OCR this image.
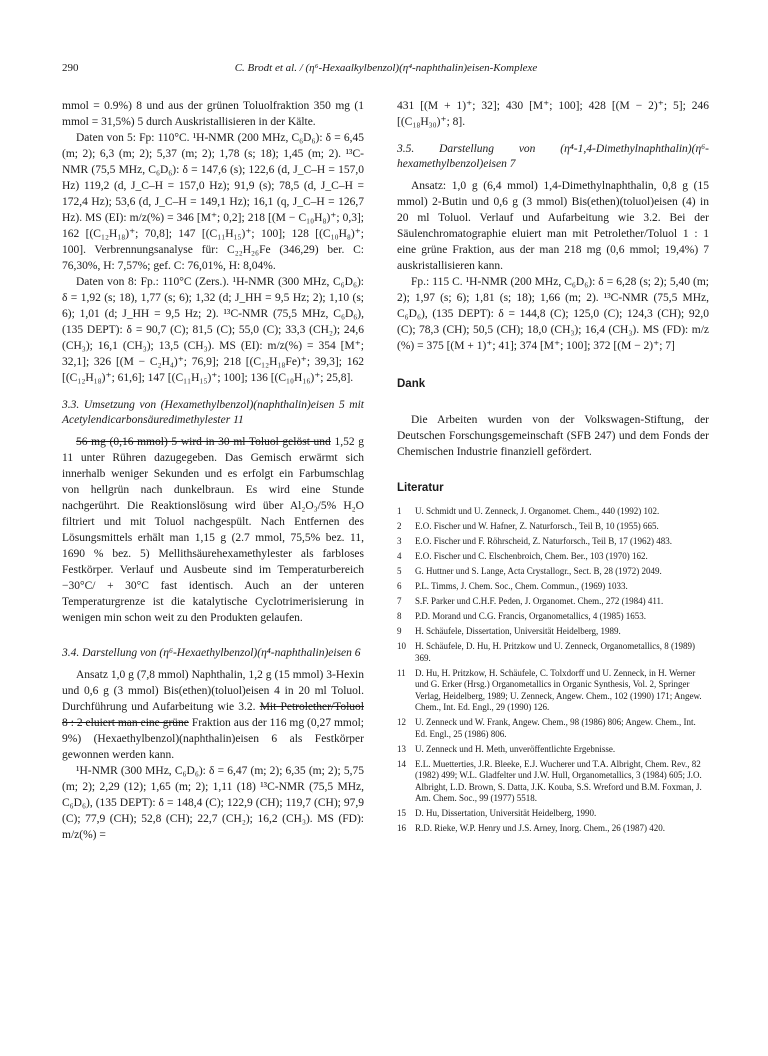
290	C. Brodt et al. / (η⁶-Hexaalkylbenzol)(η⁴-naphthalin)eisen-Komplexe

mmol = 0.9%) 8 und aus der grünen Toluolfraktion 350 mg (1 mmol = 31,5%) 5 durch Auskristallisieren in der Kälte.

Daten von 5: Fp: 110°C. ¹H-NMR (200 MHz, C₆D₆): δ = 6,45 (m; 2); 6,3 (m; 2); 5,37 (m; 2); 1,78 (s; 18); 1,45 (m; 2). ¹³C-NMR (75,5 MHz, C₆D₆): δ = 147,6 (s); 122,6 (d, J_C–H = 157,0 Hz) 119,2 (d, J_C–H = 157,0 Hz); 91,9 (s); 78,5 (d, J_C–H = 172,4 Hz); 53,6 (d, J_C–H = 149,1 Hz); 16,1 (q, J_C–H = 126,7 Hz). MS (EI): m/z(%) = 346 [M⁺; 0,2]; 218 [(M − C₁₀H₈)⁺; 0,3]; 162 [(C₁₂H₁₈)⁺; 70,8]; 147 [(C₁₁H₁₅)⁺; 100]; 128 [(C₁₀H₈)⁺; 100]. Verbrennungsanalyse für: C₂₂H₂₆Fe (346,29) ber. C: 76,30%, H: 7,57%; gef. C: 76,01%, H: 8,04%.

Daten von 8: Fp.: 110°C (Zers.). ¹H-NMR (300 MHz, C₆D₆): δ = 1,92 (s; 18), 1,77 (s; 6); 1,32 (d; J_HH = 9,5 Hz; 2); 1,10 (s; 6); 1,01 (d; J_HH = 9,5 Hz; 2). ¹³C-NMR (75,5 MHz, C₆D₆), (135 DEPT): δ = 90,7 (C); 81,5 (C); 55,0 (C); 33,3 (CH₂); 24,6 (CH₃); 16,1 (CH₃); 13,5 (CH₃). MS (EI): m/z(%) = 354 [M⁺; 32,1]; 326 [(M − C₂H₄)⁺; 76,9]; 218 [(C₁₂H₁₈Fe)⁺; 39,3]; 162 [(C₁₂H₁₈)⁺; 61,6]; 147 [(C₁₁H₁₅)⁺; 100]; 136 [(C₁₀H₁₆)⁺; 25,8].

3.3. Umsetzung von (Hexamethylbenzol)(naphthalin)eisen 5 mit Acetylendicarbonsäuredimethylester 11

56 mg (0,16 mmol) 5 wird in 30 ml Toluol gelöst und 1,52 g 11 unter Rühren dazugegeben. Das Gemisch erwärmt sich innerhalb weniger Sekunden und es erfolgt ein Farbumschlag von hellgrün nach dunkelbraun. Es wird eine Stunde nachgerührt. Die Reaktionslösung wird über Al₂O₃/5% H₂O filtriert und mit Toluol nachgespült. Nach Entfernen des Lösungsmittels erhält man 1,15 g (2.7 mmol, 75,5% bez. 11, 1690 % bez. 5) Mellithsäurehexamethylester als farbloses Festkörper. Verlauf und Ausbeute sind im Temperaturbereich −30°C/ + 30°C fast identisch. Auch an der unteren Temperaturgrenze ist die katalytische Cyclotrimerisierung in wenigen min schon weit zu den Produkten gelaufen.

3.4. Darstellung von (η⁶-Hexaethylbenzol)(η⁴-naphthalin)eisen 6

Ansatz 1,0 g (7,8 mmol) Naphthalin, 1,2 g (15 mmol) 3-Hexin und 0,6 g (3 mmol) Bis(ethen)(toluol)eisen 4 in 20 ml Toluol. Durchführung und Aufarbeitung wie 3.2. Mit Petrolether/Toluol 8 : 2 eluiert man eine grüne Fraktion aus der 116 mg (0,27 mmol; 9%) (Hexaethylbenzol)(naphthalin)eisen 6 als Festkörper gewonnen werden kann.

¹H-NMR (300 MHz, C₆D₆): δ = 6,47 (m; 2); 6,35 (m; 2); 5,75 (m; 2); 2,29 (12); 1,65 (m; 2); 1,11 (18) ¹³C-NMR (75,5 MHz, C₆D₆), (135 DEPT): δ = 148,4 (C); 122,9 (CH); 119,7 (CH); 97,9 (C); 77,9 (CH); 52,8 (CH); 22,7 (CH₂); 16,2 (CH₃). MS (FD): m/z(%) =

431 [(M + 1)⁺; 32]; 430 [M⁺; 100]; 428 [(M − 2)⁺; 5]; 246 [(C₁₈H₃₀)⁺; 8].

3.5. Darstellung von (η⁴-1,4-Dimethylnaphthalin)(η⁶-hexamethylbenzol)eisen 7

Ansatz: 1,0 g (6,4 mmol) 1,4-Dimethylnaphthalin, 0,8 g (15 mmol) 2-Butin und 0,6 g (3 mmol) Bis(ethen)(toluol)eisen (4) in 20 ml Toluol. Verlauf und Aufarbeitung wie 3.2. Bei der Säulenchromatographie eluiert man mit Petrolether/Toluol 1 : 1 eine grüne Fraktion, aus der man 218 mg (0,6 mmol; 19,4%) 7 auskristallisieren kann.

Fp.: 115 C. ¹H-NMR (200 MHz, C₆D₆): δ = 6,28 (s; 2); 5,40 (m; 2); 1,97 (s; 6); 1,81 (s; 18); 1,66 (m; 2). ¹³C-NMR (75,5 MHz, C₆D₆), (135 DEPT): δ = 144,8 (C); 125,0 (C); 124,3 (CH); 92,0 (C); 78,3 (CH); 50,5 (CH); 18,0 (CH₃); 16,4 (CH₃). MS (FD): m/z (%) = 375 [(M + 1)⁺; 41]; 374 [M⁺; 100]; 372 [(M − 2)⁺; 7]

Dank

Die Arbeiten wurden von der Volkswagen-Stiftung, der Deutschen Forschungsgemeinschaft (SFB 247) und dem Fonds der Chemischen Industrie finanziell gefördert.

Literatur

1	U. Schmidt und U. Zenneck, J. Organomet. Chem., 440 (1992) 102.
2	E.O. Fischer und W. Hafner, Z. Naturforsch., Teil B, 10 (1955) 665.
3	E.O. Fischer und F. Röhrscheid, Z. Naturforsch., Teil B, 17 (1962) 483.
4	E.O. Fischer und C. Elschenbroich, Chem. Ber., 103 (1970) 162.
5	G. Huttner und S. Lange, Acta Crystallogr., Sect. B, 28 (1972) 2049.
6	P.L. Timms, J. Chem. Soc., Chem. Commun., (1969) 1033.
7	S.F. Parker und C.H.F. Peden, J. Organomet. Chem., 272 (1984) 411.
8	P.D. Morand und C.G. Francis, Organometallics, 4 (1985) 1653.
9	H. Schäufele, Dissertation, Universität Heidelberg, 1989.
10	H. Schäufele, D. Hu, H. Pritzkow und U. Zenneck, Organometallics, 8 (1989) 369.
11	D. Hu, H. Pritzkow, H. Schäufele, C. Tolxdorff und U. Zenneck, in H. Werner und G. Erker (Hrsg.) Organometallics in Organic Synthesis, Vol. 2, Springer Verlag, Heidelberg, 1989; U. Zenneck, Angew. Chem., 102 (1990) 171; Angew. Chem., Int. Ed. Engl., 29 (1990) 126.
12	U. Zenneck und W. Frank, Angew. Chem., 98 (1986) 806; Angew. Chem., Int. Ed. Engl., 25 (1986) 806.
13	U. Zenneck und H. Meth, unveröffentlichte Ergebnisse.
14	E.L. Muetterties, J.R. Bleeke, E.J. Wucherer und T.A. Albright, Chem. Rev., 82 (1982) 499; W.L. Gladfelter und J.W. Hull, Organometallics, 3 (1984) 605; J.O. Albright, L.D. Brown, S. Datta, J.K. Kouba, S.S. Wreford und B.M. Foxman, J. Am. Chem. Soc., 99 (1977) 5518.
15	D. Hu, Dissertation, Universität Heidelberg, 1990.
16	R.D. Rieke, W.P. Henry und J.S. Arney, Inorg. Chem., 26 (1987) 420.
